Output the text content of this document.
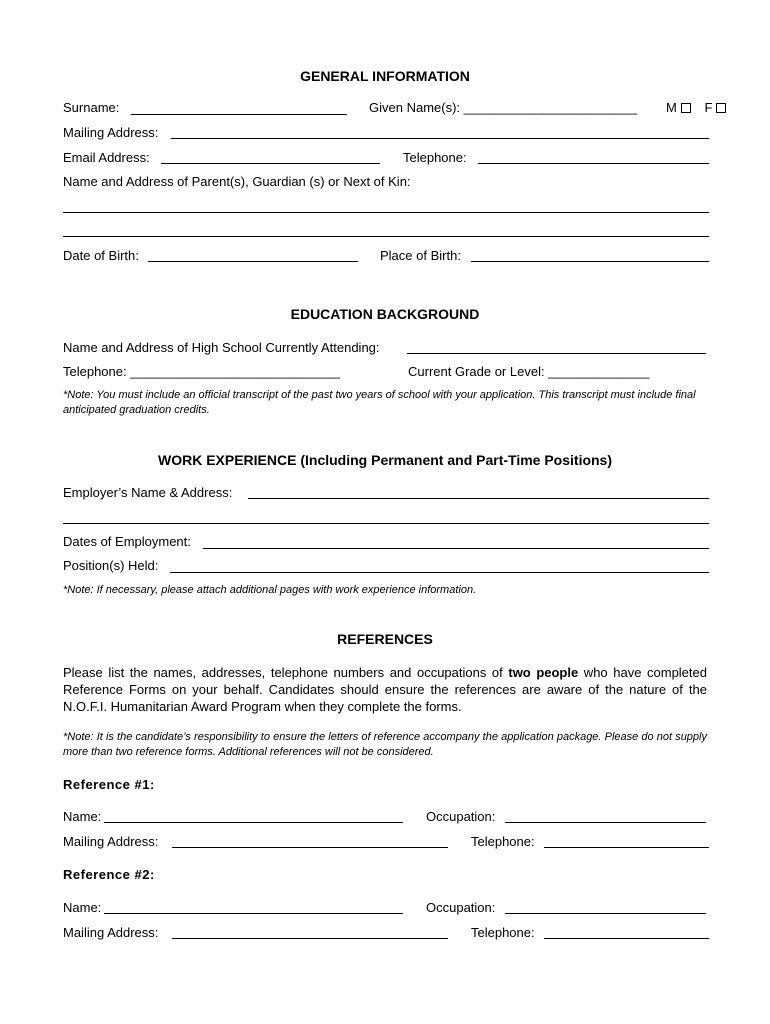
GENERAL INFORMATION
Surname:	Given Name(s): ________________________ M F
Mailing Address:
Email Address:	Telephone:
Name and Address of Parent(s), Guardian (s) or Next of Kin:
Date of Birth:	Place of Birth:
EDUCATION BACKGROUND
Name and Address of High School Currently Attending:
Telephone: _____________________________	Current Grade or Level: ______________
*Note: You must include an official transcript of the past two years of school with your application. This transcript must include final anticipated graduation credits.
WORK EXPERIENCE (Including Permanent and Part-Time Positions)
Employer’s Name & Address:
Dates of Employment:
Position(s) Held:
*Note: If necessary, please attach additional pages with work experience information.
REFERENCES
Please list the names, addresses, telephone numbers and occupations of two people who have completed Reference Forms on your behalf. Candidates should ensure the references are aware of the nature of the N.O.F.I. Humanitarian Award Program when they complete the forms.
*Note: It is the candidate’s responsibility to ensure the letters of reference accompany the application package. Please do not supply more than two reference forms. Additional references will not be considered.
Reference #1:
Name:	Occupation:
Mailing Address:	Telephone:
Reference #2:
Name:	Occupation:
Mailing Address:	Telephone:
